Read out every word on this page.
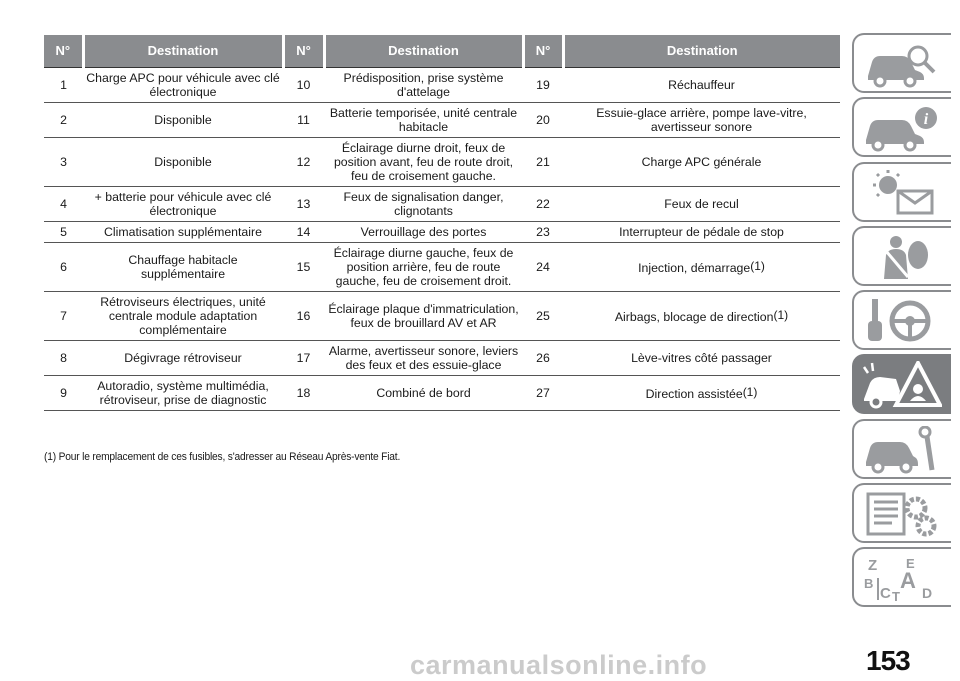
N°	Destination	N°	Destination	N°	Destination
1	Charge APC pour véhicule avec clé électronique	10	Prédisposition, prise système d'attelage	19	Réchauffeur
2	Disponible	11	Batterie temporisée, unité centrale habitacle	20	Essuie-glace arrière, pompe lave-vitre, avertisseur sonore
3	Disponible	12	Éclairage diurne droit, feux de position avant, feu de route droit, feu de croisement gauche.	21	Charge APC générale
4	+ batterie pour véhicule avec clé électronique	13	Feux de signalisation danger, clignotants	22	Feux de recul
5	Climatisation supplémentaire	14	Verrouillage des portes	23	Interrupteur de pédale de stop
6	Chauffage habitacle supplémentaire	15	Éclairage diurne gauche, feux de position arrière, feu de route gauche, feu de croisement droit.	24	Injection, démarrage$^{(1)}$
7	Rétroviseurs électriques, unité centrale module adaptation complémentaire	16	Éclairage plaque d'immatriculation, feux de brouillard AV et AR	25	Airbags, blocage de direction$^{(1)}$
8	Dégivrage rétroviseur	17	Alarme, avertisseur sonore, leviers des feux et des essuie-glace	26	Lève-vitres côté passager
9	Autoradio, système multimédia, rétroviseur, prise de diagnostic	18	Combiné de bord	27	Direction assistée$^{(1)}$
(1) Pour le remplacement de ces fusibles, s'adresser au Réseau Après-vente Fiat.
i
Z E
B A
C T D
carmanualsonline.info	153
